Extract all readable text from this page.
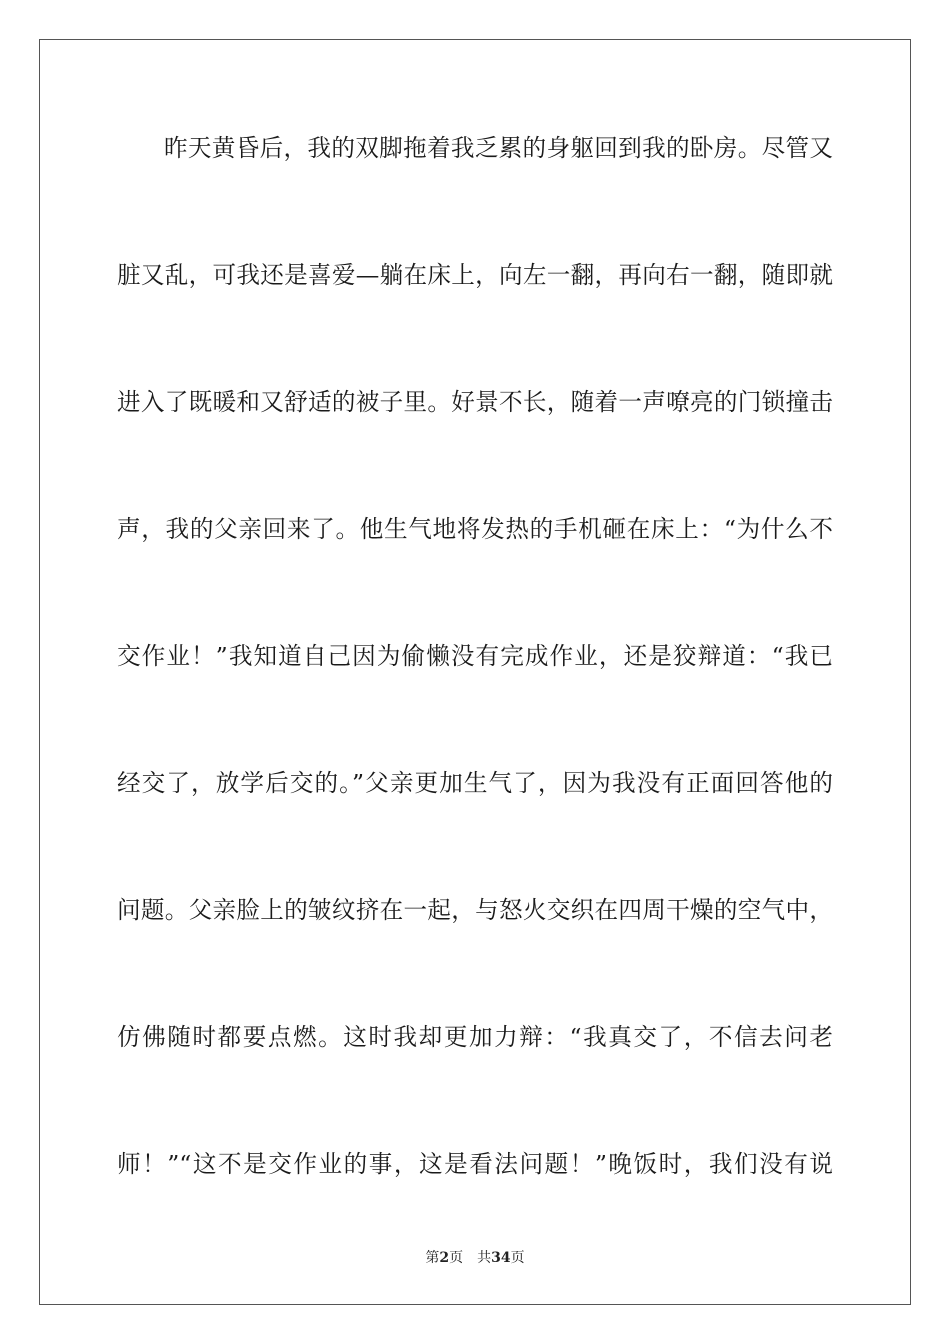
昨天黄昏后，我的双脚拖着我乏累的身躯回到我的卧房。尽管又
脏又乱，可我还是喜爱—躺在床上，向左一翻，再向右一翻，随即就
进入了既暖和又舒适的被子里。好景不长，随着一声嘹亮的门锁撞击
声，我的父亲回来了。他生气地将发热的手机砸在床上：“为什么不
交作业！”我知道自己因为偷懒没有完成作业，还是狡辩道：“我已
经交了，放学后交的。”父亲更加生气了，因为我没有正面回答他的
问题。父亲脸上的皱纹挤在一起，与怒火交织在四周干燥的空气中，
仿佛随时都要点燃。这时我却更加力辩：“我真交了，不信去问老
师！”“这不是交作业的事，这是看法问题！”晚饭时，我们没有说
第2页 共34页
